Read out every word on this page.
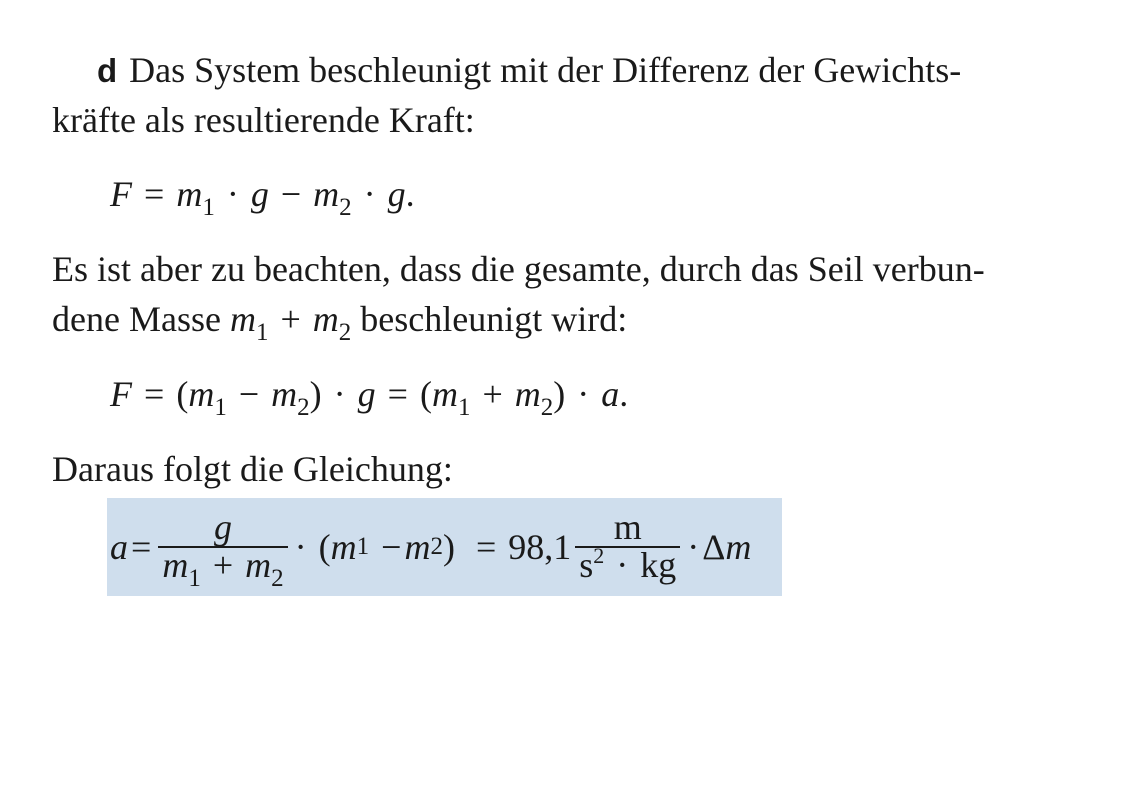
d Das System beschleunigt mit der Differenz der Gewichts-
kräfte als resultierende Kraft:
$F = m_1 \cdot g - m_2 \cdot g$.
Es ist aber zu beachten, dass die gesamte, durch das Seil verbun-
dene Masse $m_1 + m_2$ beschleunigt wird:
$F = (m_1 - m_2) \cdot g = (m_1 + m_2) \cdot a$.
Daraus folgt die Gleichung:
$a = \frac{g}{m_1 + m_2}$ · ( m 1
− m 2 ) =
$98,1 \frac{m}{s^2 \cdot kg} \cdot \Delta$ m
